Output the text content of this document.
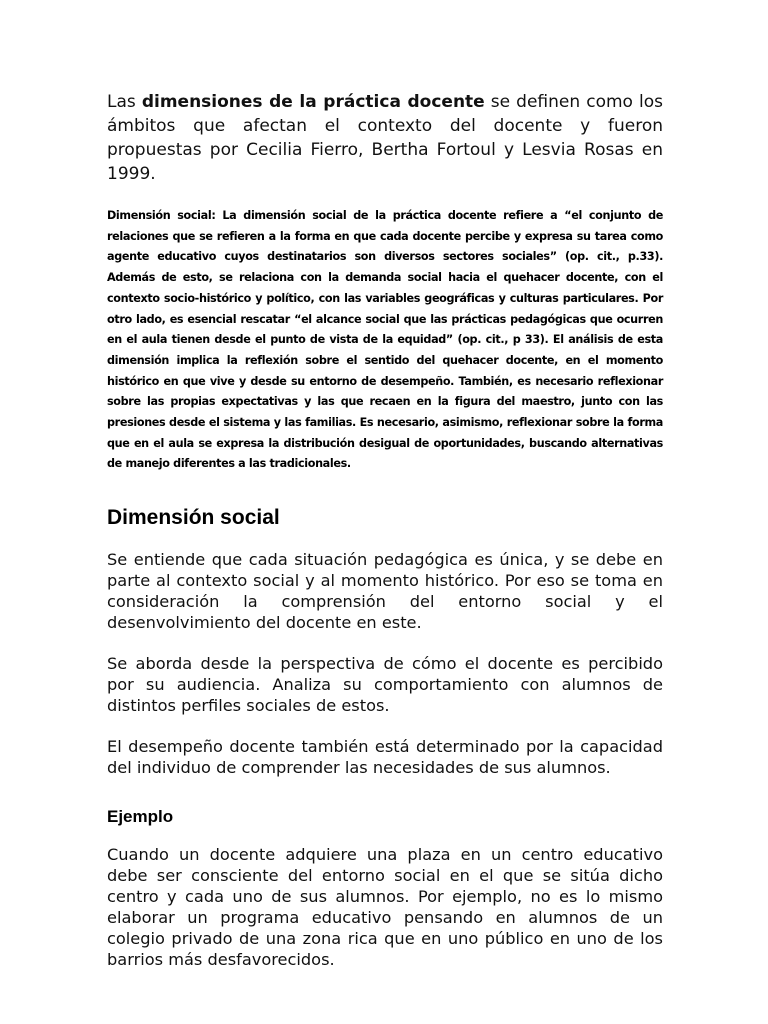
Las dimensiones de la práctica docente se definen como los ámbitos que afectan el contexto del docente y fueron propuestas por Cecilia Fierro, Bertha Fortoul y Lesvia Rosas en 1999.

Dimensión social: La dimensión social de la práctica docente refiere a “el conjunto de relaciones que se refieren a la forma en que cada docente percibe y expresa su tarea como agente educativo cuyos destinatarios son diversos sectores sociales” (op. cit., p.33). Además de esto, se relaciona con la demanda social hacia el quehacer docente, con el contexto socio-histórico y político, con las variables geográficas y culturas particulares. Por otro lado, es esencial rescatar “el alcance social que las prácticas pedagógicas que ocurren en el aula tienen desde el punto de vista de la equidad” (op. cit., p 33). El análisis de esta dimensión implica la reflexión sobre el sentido del quehacer docente, en el momento histórico en que vive y desde su entorno de desempeño. También, es necesario reflexionar sobre las propias expectativas y las que recaen en la figura del maestro, junto con las presiones desde el sistema y las familias. Es necesario, asimismo, reflexionar sobre la forma que en el aula se expresa la distribución desigual de oportunidades, buscando alternativas de manejo diferentes a las tradicionales.

Dimensión social

Se entiende que cada situación pedagógica es única, y se debe en parte al contexto social y al momento histórico. Por eso se toma en consideración la comprensión del entorno social y el desenvolvimiento del docente en este.

Se aborda desde la perspectiva de cómo el docente es percibido por su audiencia. Analiza su comportamiento con alumnos de distintos perfiles sociales de estos.

El desempeño docente también está determinado por la capacidad del individuo de comprender las necesidades de sus alumnos.

Ejemplo

Cuando un docente adquiere una plaza en un centro educativo debe ser consciente del entorno social en el que se sitúa dicho centro y cada uno de sus alumnos. Por ejemplo, no es lo mismo elaborar un programa educativo pensando en alumnos de un colegio privado de una zona rica que en uno público en uno de los barrios más desfavorecidos.
